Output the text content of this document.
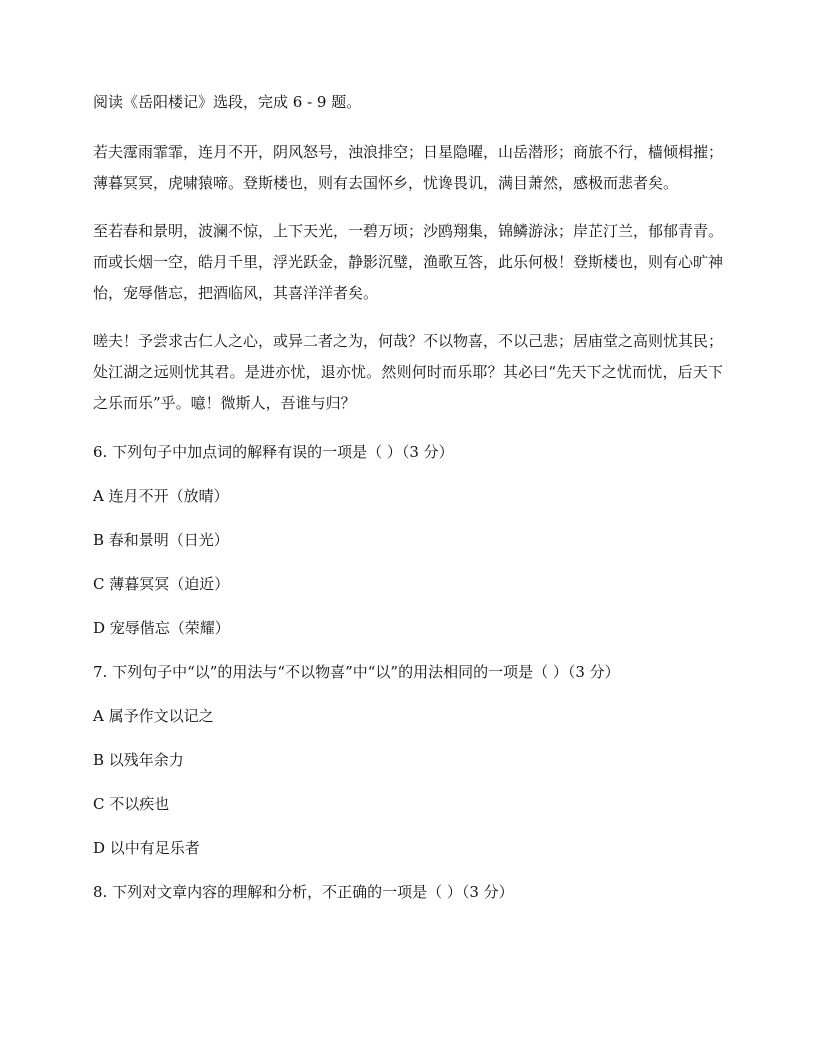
阅读《岳阳楼记》选段，完成 6 - 9 题。

若夫霪雨霏霏，连月不开，阴风怒号，浊浪排空；日星隐曜，山岳潜形；商旅不行，樯倾楫摧；薄暮冥冥，虎啸猿啼。登斯楼也，则有去国怀乡，忧谗畏讥，满目萧然，感极而悲者矣。

至若春和景明，波澜不惊，上下天光，一碧万顷；沙鸥翔集，锦鳞游泳；岸芷汀兰，郁郁青青。而或长烟一空，皓月千里，浮光跃金，静影沉璧，渔歌互答，此乐何极！登斯楼也，则有心旷神怡，宠辱偕忘，把酒临风，其喜洋洋者矣。

嗟夫！予尝求古仁人之心，或异二者之为，何哉？不以物喜，不以己悲；居庙堂之高则忧其民；处江湖之远则忧其君。是进亦忧，退亦忧。然则何时而乐耶？其必曰“先天下之忧而忧，后天下之乐而乐”乎。噫！微斯人，吾谁与归？

6. 下列句子中加点词的解释有误的一项是（ ）（3 分）

A 连月不开（放晴）

B 春和景明（日光）

C 薄暮冥冥（迫近）

D 宠辱偕忘（荣耀）

7. 下列句子中“以”的用法与“不以物喜”中“以”的用法相同的一项是（ ）（3 分）

A 属予作文以记之

B 以残年余力

C 不以疾也

D 以中有足乐者

8. 下列对文章内容的理解和分析，不正确的一项是（ ）（3 分）
